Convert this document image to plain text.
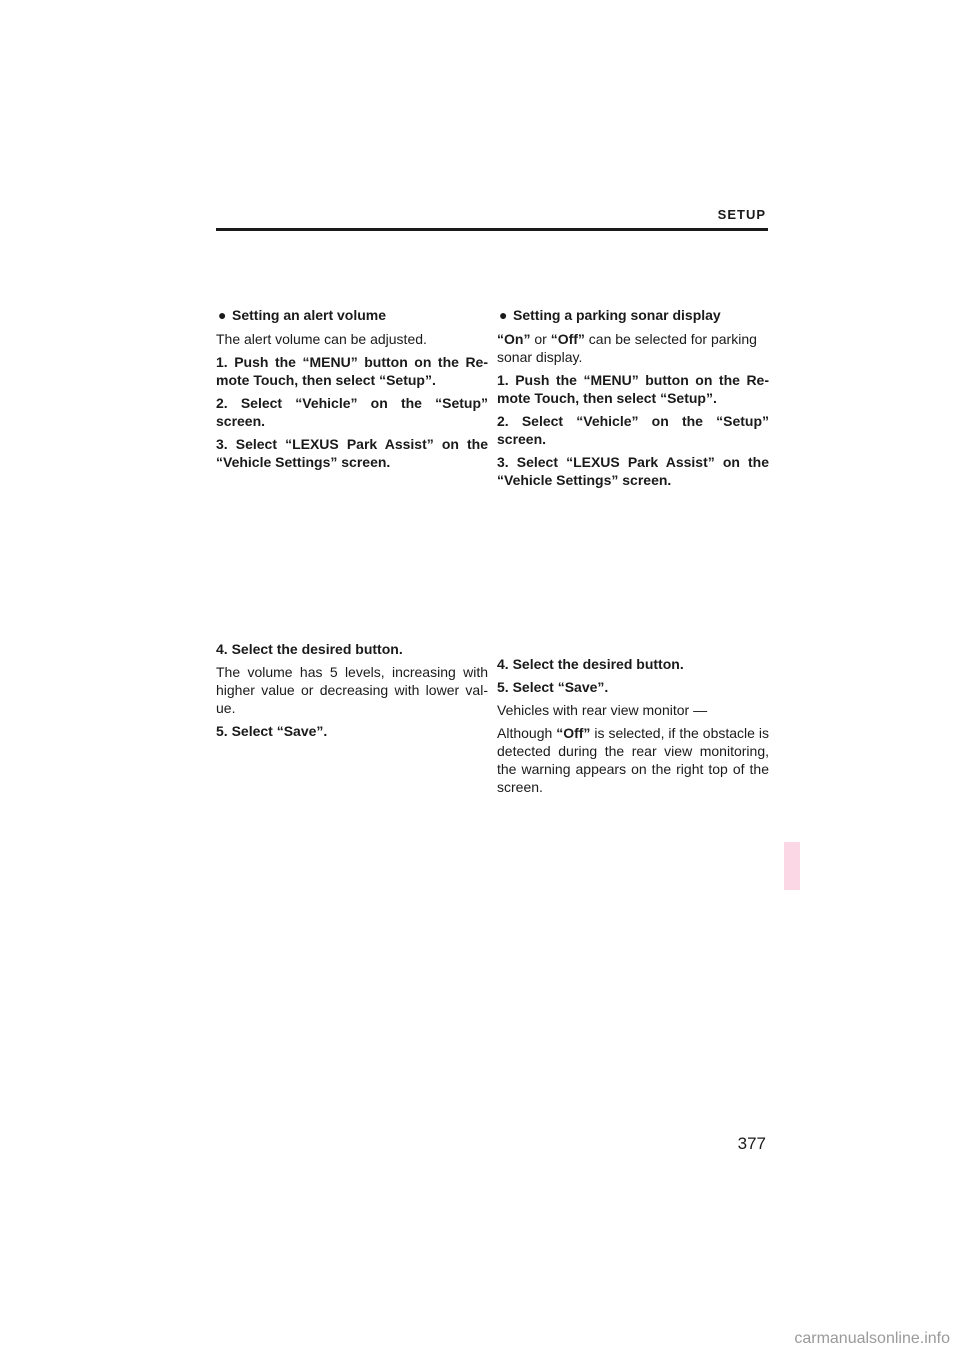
SETUP

● Setting an alert volume

The alert volume can be adjusted.

1. Push the “MENU” button on the Re-mote Touch, then select “Setup”.

2. Select “Vehicle” on the “Setup” screen.

3. Select “LEXUS Park Assist” on the “Vehicle Settings” screen.

4. Select the desired button.

The volume has 5 levels, increasing with higher value or decreasing with lower val-ue.

5. Select “Save”.

● Setting a parking sonar display

“On” or “Off” can be selected for parking sonar display.

1. Push the “MENU” button on the Re-mote Touch, then select “Setup”.

2. Select “Vehicle” on the “Setup” screen.

3. Select “LEXUS Park Assist” on the “Vehicle Settings” screen.

4. Select the desired button.

5. Select “Save”.

Vehicles with rear view monitor —

Although “Off” is selected, if the obstacle is detected during the rear view monitoring, the warning appears on the right top of the screen.

377
carmanualsonline.info
